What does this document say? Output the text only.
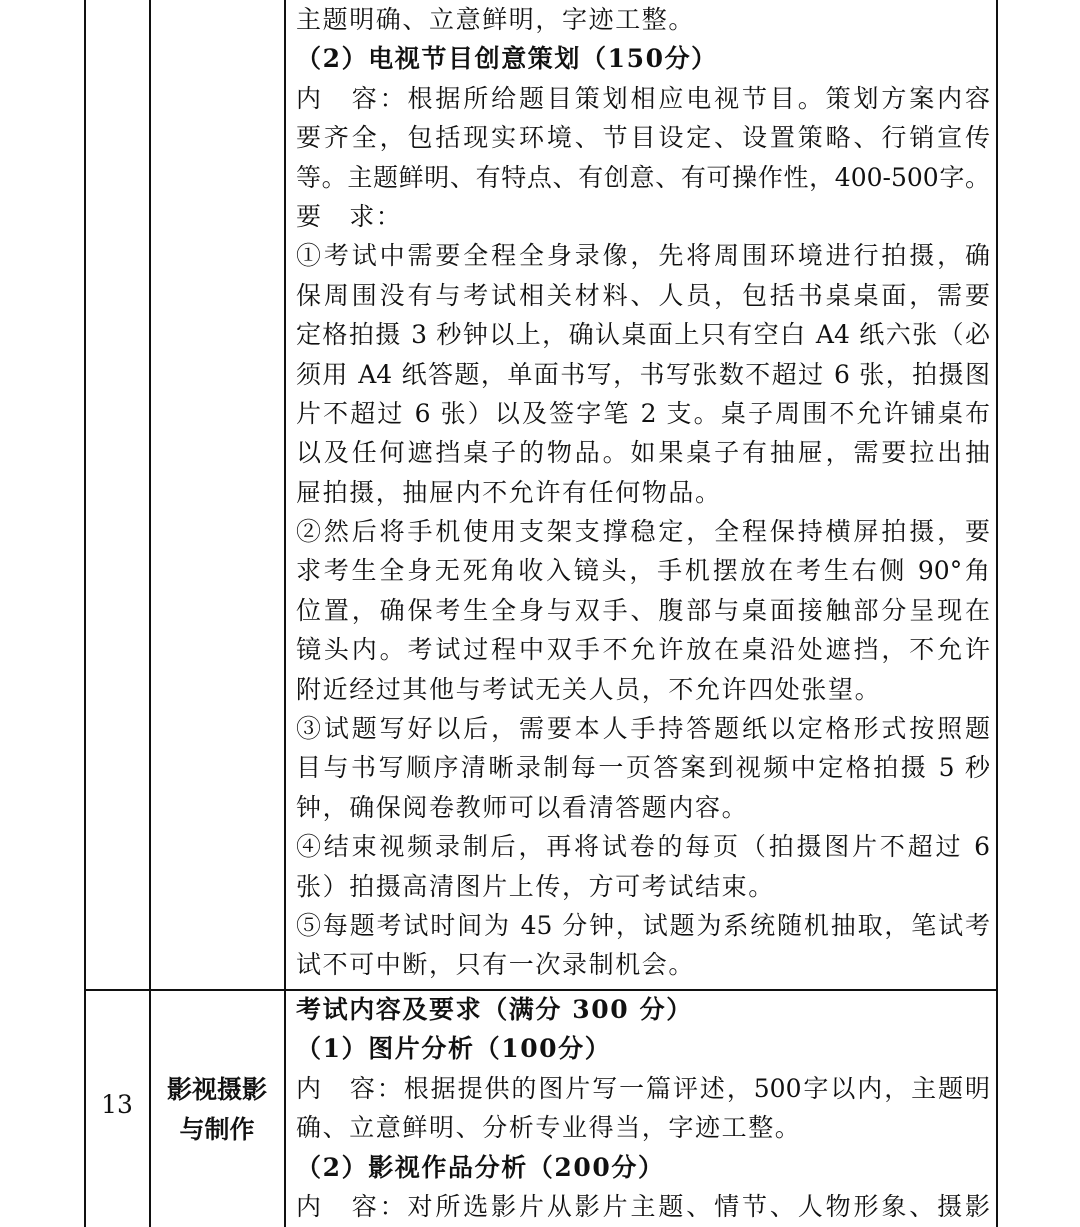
主题明确、立意鲜明，字迹工整。
（2）电视节目创意策划（150分）
内　容：根据所给题目策划相应电视节目。策划方案内容
要齐全，包括现实环境、节目设定、设置策略、行销宣传
等。主题鲜明、有特点、有创意、有可操作性，400-500字。
要　求：
①考试中需要全程全身录像，先将周围环境进行拍摄，确
保周围没有与考试相关材料、人员，包括书桌桌面，需要
定格拍摄 3 秒钟以上，确认桌面上只有空白 A4 纸六张（必
须用 A4 纸答题，单面书写，书写张数不超过 6 张，拍摄图
片不超过 6 张）以及签字笔 2 支。桌子周围不允许铺桌布
以及任何遮挡桌子的物品。如果桌子有抽屉，需要拉出抽
屉拍摄，抽屉内不允许有任何物品。
②然后将手机使用支架支撑稳定，全程保持横屏拍摄，要
求考生全身无死角收入镜头，手机摆放在考生右侧 90°角
位置，确保考生全身与双手、腹部与桌面接触部分呈现在
镜头内。考试过程中双手不允许放在桌沿处遮挡，不允许
附近经过其他与考试无关人员，不允许四处张望。
③试题写好以后，需要本人手持答题纸以定格形式按照题
目与书写顺序清晰录制每一页答案到视频中定格拍摄 5 秒
钟，确保阅卷教师可以看清答题内容。
④结束视频录制后，再将试卷的每页（拍摄图片不超过 6
张）拍摄高清图片上传，方可考试结束。
⑤每题考试时间为 45 分钟，试题为系统随机抽取，笔试考
试不可中断，只有一次录制机会。
13
影视摄影
与制作
考试内容及要求（满分 300 分）
（1）图片分析（100分）
内　容：根据提供的图片写一篇评述，500字以内，主题明
确、立意鲜明、分析专业得当，字迹工整。
（2）影视作品分析（200分）
内　容：对所选影片从影片主题、情节、人物形象、摄影
